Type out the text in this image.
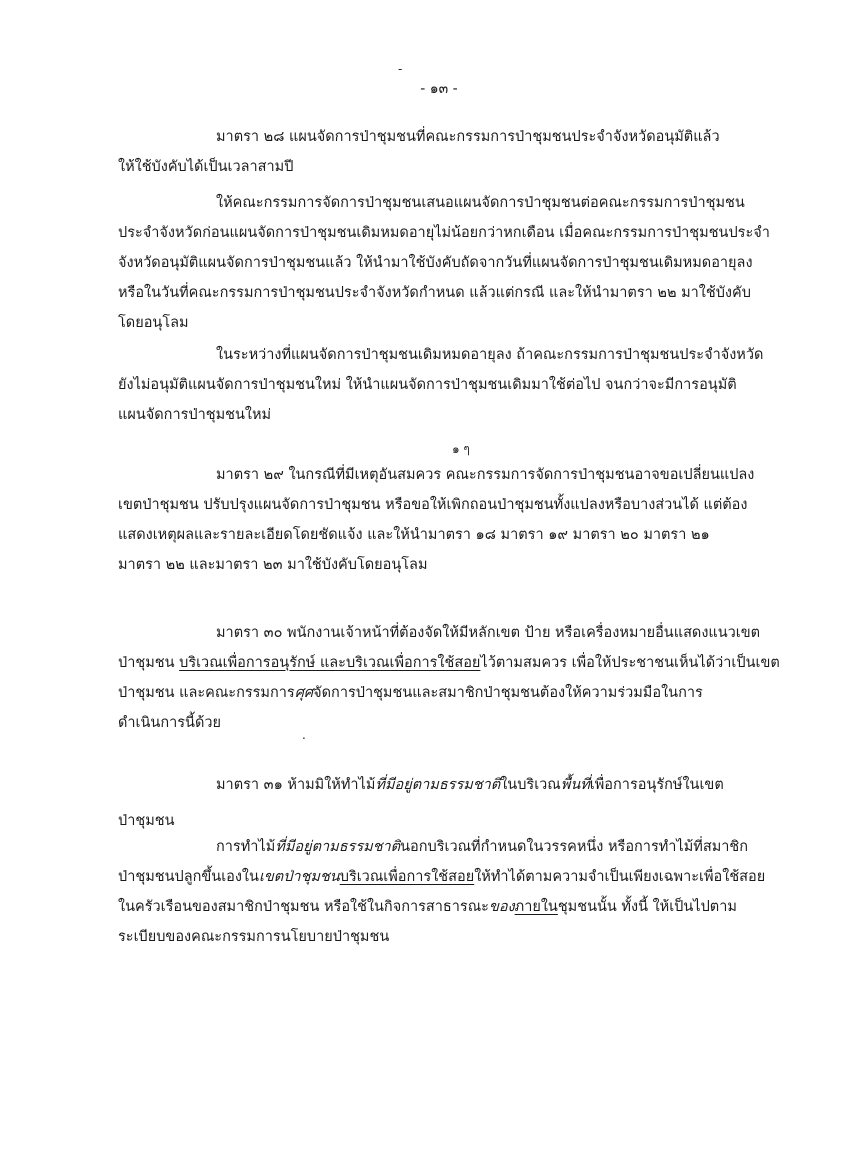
-
- ๑๓ -
มาตรา ๒๘ แผนจัดการป่าชุมชนที่คณะกรรมการป่าชุมชนประจำจังหวัดอนุมัติแล้ว
ให้ใช้บังคับได้เป็นเวลาสามปี
ให้คณะกรรมการจัดการป่าชุมชนเสนอแผนจัดการป่าชุมชนต่อคณะกรรมการป่าชุมชน
ประจำจังหวัดก่อนแผนจัดการป่าชุมชนเดิมหมดอายุไม่น้อยกว่าหกเดือน เมื่อคณะกรรมการป่าชุมชนประจำ
จังหวัดอนุมัติแผนจัดการป่าชุมชนแล้ว ให้นำมาใช้บังคับถัดจากวันที่แผนจัดการป่าชุมชนเดิมหมดอายุลง
หรือในวันที่คณะกรรมการป่าชุมชนประจำจังหวัดกำหนด แล้วแต่กรณี และให้นำมาตรา ๒๒ มาใช้บังคับ
โดยอนุโลม
ในระหว่างที่แผนจัดการป่าชุมชนเดิมหมดอายุลง ถ้าคณะกรรมการป่าชุมชนประจำจังหวัด
ยังไม่อนุมัติแผนจัดการป่าชุมชนใหม่ ให้นำแผนจัดการป่าชุมชนเดิมมาใช้ต่อไป จนกว่าจะมีการอนุมัติ
แผนจัดการป่าชุมชนใหม่
๑ ๆ
มาตรา ๒๙ ในกรณีที่มีเหตุอันสมควร คณะกรรมการจัดการป่าชุมชนอาจขอเปลี่ยนแปลง
เขตป่าชุมชน ปรับปรุงแผนจัดการป่าชุมชน หรือขอให้เพิกถอนป่าชุมชนทั้งแปลงหรือบางส่วนได้ แต่ต้อง
แสดงเหตุผลและรายละเอียดโดยชัดแจ้ง และให้นำมาตรา ๑๘ มาตรา ๑๙ มาตรา ๒๐ มาตรา ๒๑
มาตรา ๒๒ และมาตรา ๒๓ มาใช้บังคับโดยอนุโลม
มาตรา ๓๐ พนักงานเจ้าหน้าที่ต้องจัดให้มีหลักเขต ป้าย หรือเครื่องหมายอื่นแสดงแนวเขต
ป่าชุมชน บริเวณเพื่อการอนุรักษ์ และบริเวณเพื่อการใช้สอยไว้ตามสมควร เพื่อให้ประชาชนเห็นได้ว่าเป็นเขต
ป่าชุมชน และคณะกรรมการศุศจัดการป่าชุมชนและสมาชิกป่าชุมชนต้องให้ความร่วมมือในการ
ดำเนินการนี้ด้วย
.
มาตรา ๓๑ ห้ามมิให้ทำไม้ที่มีอยู่ตามธรรมชาติในบริเวณพื้นที่เพื่อการอนุรักษ์ในเขต
ป่าชุมชน
การทำไม้ที่มีอยู่ตามธรรมชาตินอกบริเวณที่กำหนดในวรรคหนึ่ง หรือการทำไม้ที่สมาชิก
ป่าชุมชนปลูกขึ้นเองในเขตป่าชุมชนบริเวณเพื่อการใช้สอยให้ทำได้ตามความจำเป็นเพียงเฉพาะเพื่อใช้สอย
ในครัวเรือนของสมาชิกป่าชุมชน หรือใช้ในกิจการสาธารณะของภายในชุมชนนั้น ทั้งนี้ ให้เป็นไปตาม
ระเบียบของคณะกรรมการนโยบายป่าชุมชน
